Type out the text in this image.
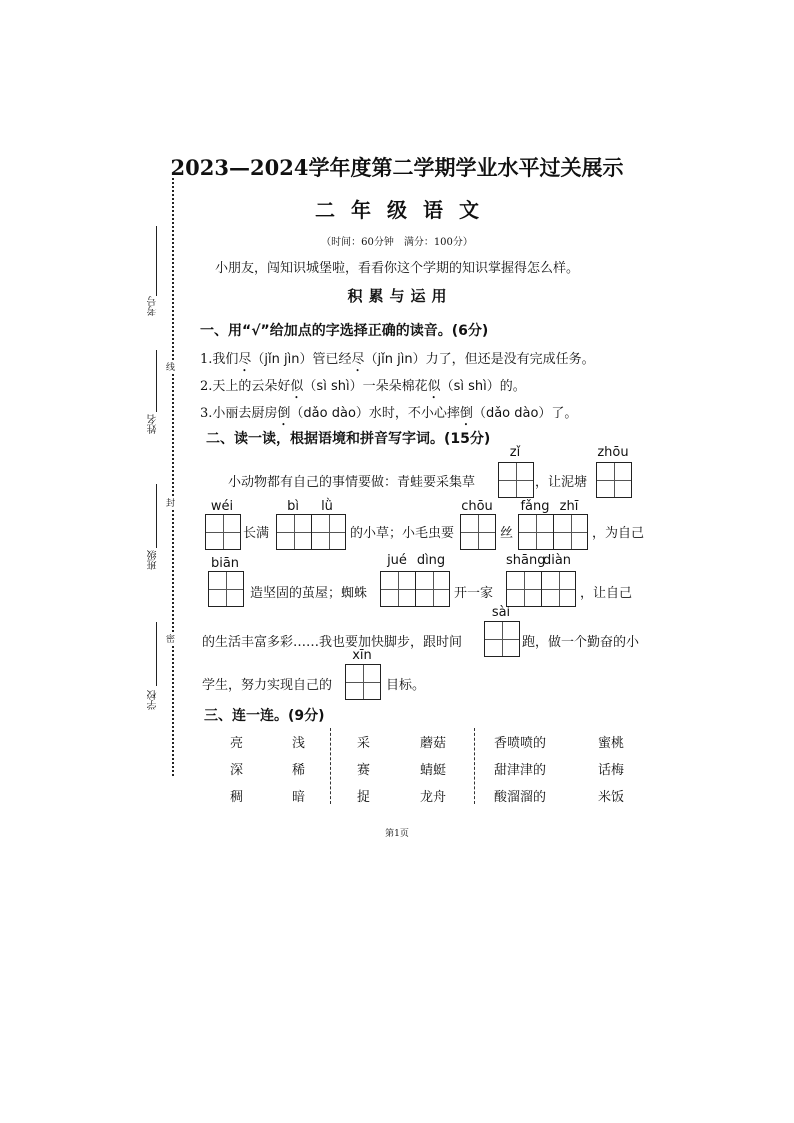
考号
姓名
班级
学校
线
封
密
2023—2024学年度第二学期学业水平过关展示
二年级语文
（时间：60分钟　满分：100分）
小朋友，闯知识城堡啦，看看你这个学期的知识掌握得怎么样。
积累与运用
一、用“√”给加点的字选择正确的读音。(6分)
1.我们尽（jǐn jìn）管已经尽（jǐn jìn）力了，但还是没有完成任务。
2.天上的云朵好似（sì shì）一朵朵棉花似（sì shì）的。
3.小丽去厨房倒（dǎo dào）水时，不小心摔倒（dǎo dào）了。
二、读一读，根据语境和拼音写字词。(15分)
小动物都有自己的事情要做：青蛙要采集草
zǐ
，让泥塘
zhōu
wéi
长满
bì	lǜ
的小草；小毛虫要
chōu
丝
fǎng zhī
，为自己
biān
造坚固的茧屋；蜘蛛
jué dìng
开一家
shāng
diàn
，让自己
的生活丰富多彩……我也要加快脚步，跟时间
sài
跑，做一个勤奋的小
学生，努力实现自己的
xīn
目标。
三、连一连。(9分)
亮	浅
深	稀
稠	暗
采	蘑菇
赛	蜻蜓
捉	龙舟
香喷喷的	蜜桃
甜津津的	话梅
酸溜溜的	米饭
第1页
